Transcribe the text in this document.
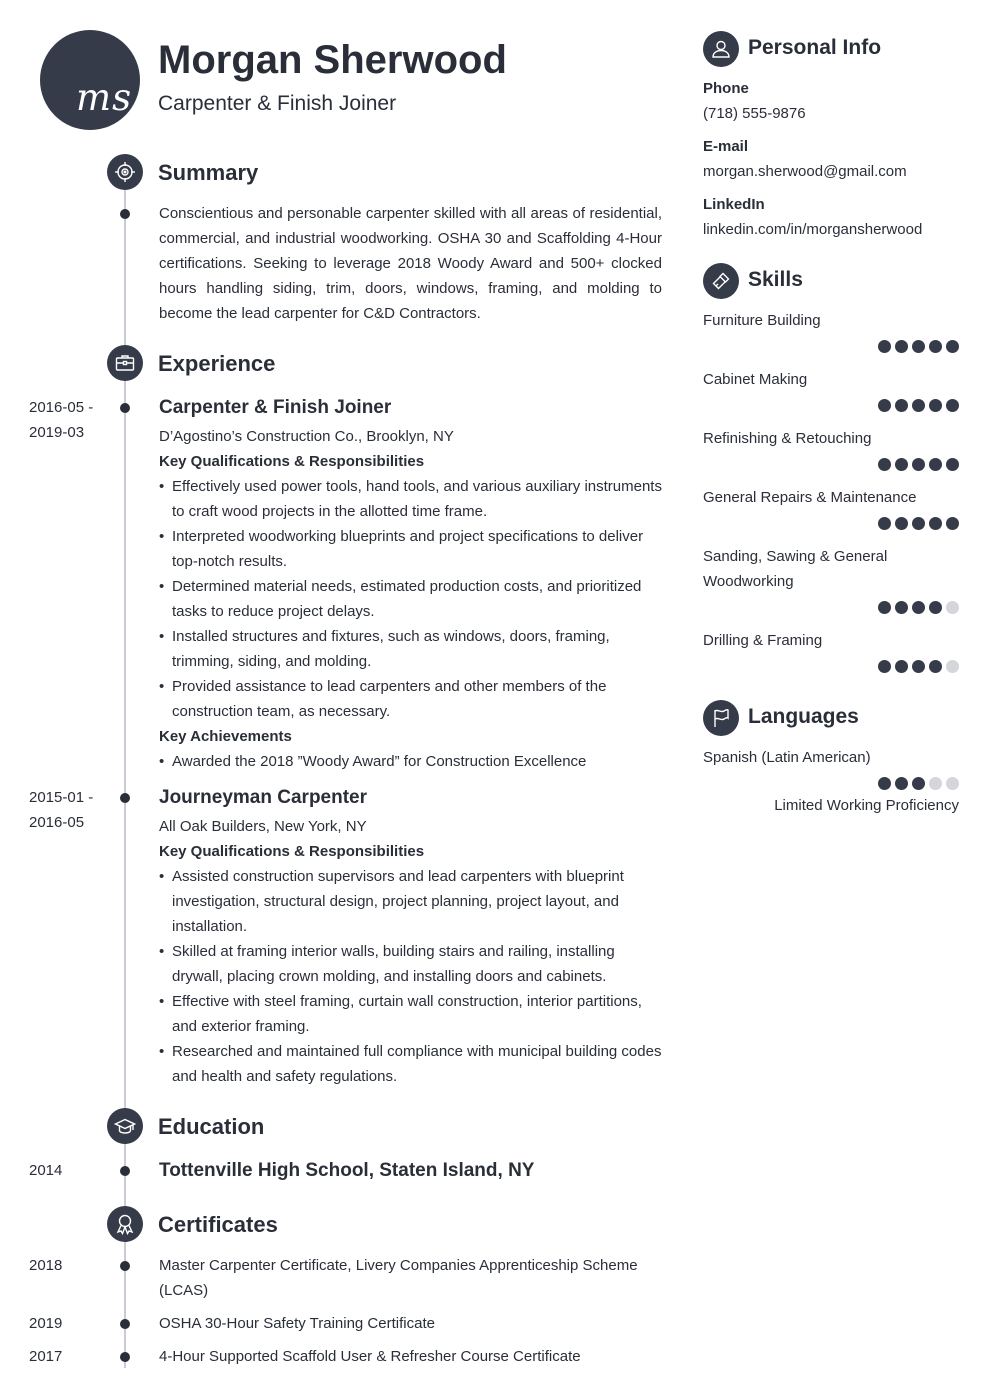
ms
Morgan Sherwood
Carpenter & Finish Joiner
Summary
Conscientious and personable carpenter skilled with all areas of residential, commercial, and industrial woodworking. OSHA 30 and Scaffolding 4-Hour certifications. Seeking to leverage 2018 Woody Award and 500+ clocked hours handling siding, trim, doors, windows, framing, and molding to become the lead carpenter for C&D Contractors.
Experience
2016-05 - 2019-03
Carpenter & Finish Joiner
D’Agostino’s Construction Co., Brooklyn, NY
Key Qualifications & Responsibilities
• Effectively used power tools, hand tools, and various auxiliary instruments to craft wood projects in the allotted time frame.
• Interpreted woodworking blueprints and project specifications to deliver top-notch results.
• Determined material needs, estimated production costs, and prioritized tasks to reduce project delays.
• Installed structures and fixtures, such as windows, doors, framing, trimming, siding, and molding.
• Provided assistance to lead carpenters and other members of the construction team, as necessary.
Key Achievements
• Awarded the 2018 ”Woody Award” for Construction Excellence
2015-01 - 2016-05
Journeyman Carpenter
All Oak Builders, New York, NY
Key Qualifications & Responsibilities
• Assisted construction supervisors and lead carpenters with blueprint investigation, structural design, project planning, project layout, and installation.
• Skilled at framing interior walls, building stairs and railing, installing drywall, placing crown molding, and installing doors and cabinets.
• Effective with steel framing, curtain wall construction, interior partitions, and exterior framing.
• Researched and maintained full compliance with municipal building codes and health and safety regulations.
Education
2014	Tottenville High School, Staten Island, NY
Certificates
2018	Master Carpenter Certificate, Livery Companies Apprenticeship Scheme (LCAS)
2019	OSHA 30-Hour Safety Training Certificate
2017	4-Hour Supported Scaffold User & Refresher Course Certificate
Personal Info
Phone
(718) 555-9876
E-mail
morgan.sherwood@gmail.com
LinkedIn
linkedin.com/in/morgansherwood
Skills
Furniture Building
Cabinet Making
Refinishing & Retouching
General Repairs & Maintenance
Sanding, Sawing & General Woodworking
Drilling & Framing
Languages
Spanish (Latin American)
Limited Working Proficiency
